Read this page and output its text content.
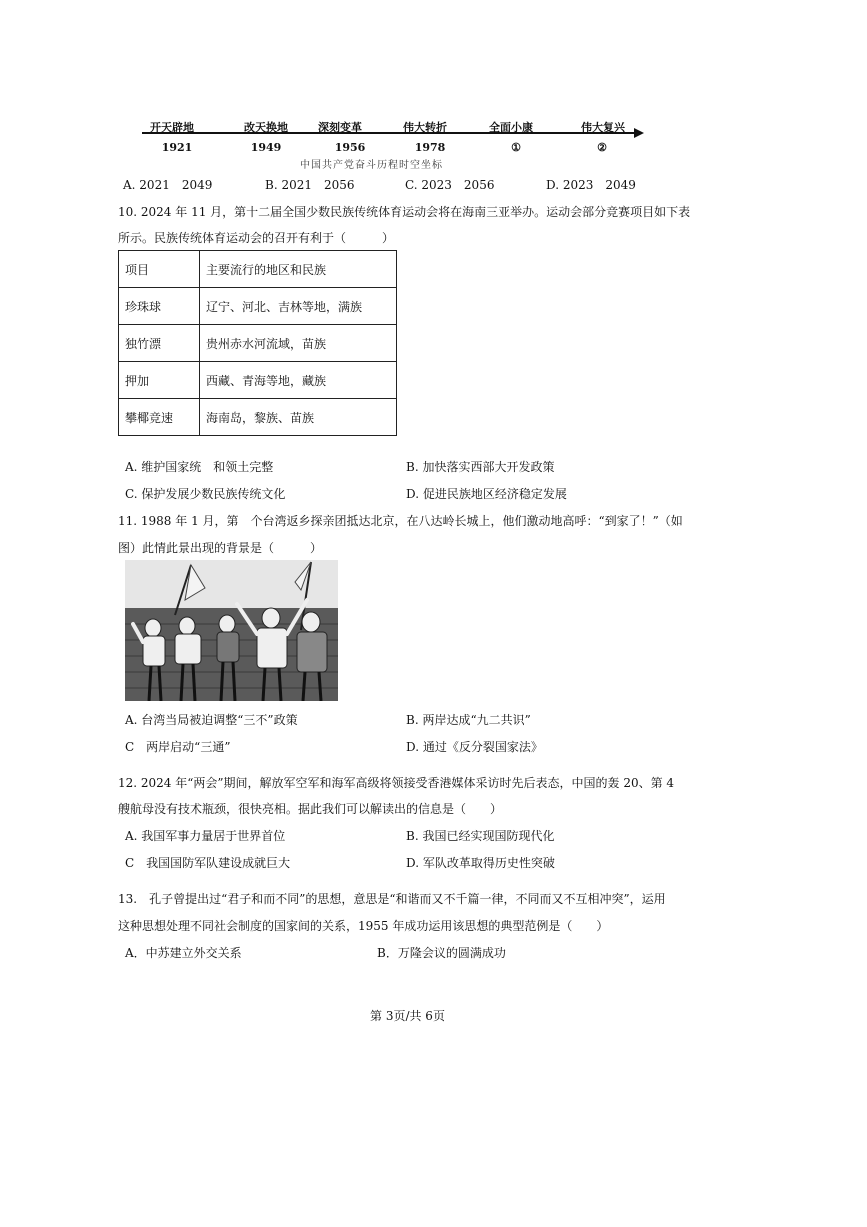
开天辟地	改天换地	深刻变革	伟大转折	全面小康	伟大复兴
1921	1949	1956	1978	①	②
中国共产党奋斗历程时空坐标
A. 2021　2049	B. 2021　2056	C. 2023　2056	D. 2023　2049
10. 2024 年 11 月，第十二届全国少数民族传统体育运动会将在海南三亚举办。运动会部分竞赛项目如下表
所示。民族传统体育运动会的召开有利于（　　　）
项目	主要流行的地区和民族
珍珠球	辽宁、河北、吉林等地，满族
独竹漂	贵州赤水河流域，苗族
押加	西藏、青海等地，藏族
攀椰竞速	海南岛，黎族、苗族
A. 维护国家统　和领土完整	B. 加快落实西部大开发政策
C. 保护发展少数民族传统文化	D. 促进民族地区经济稳定发展
11. 1988 年 1 月，第　个台湾返乡探亲团抵达北京，在八达岭长城上，他们激动地高呼：“到家了！”（如
图）此情此景出现的背景是（　　　）
A. 台湾当局被迫调整“三不”政策	B. 两岸达成“九二共识”
C　两岸启动“三通”	D. 通过《反分裂国家法》
12. 2024 年“两会”期间，解放军空军和海军高级将领接受香港媒体采访时先后表态，中国的轰 20、第 4
艘航母没有技术瓶颈，很快亮相。据此我们可以解读出的信息是（　　）
A. 我国军事力量居于世界首位	B. 我国已经实现国防现代化
C　我国国防军队建设成就巨大	D. 军队改革取得历史性突破
13.　孔子曾提出过“君子和而不同”的思想，意思是“和谐而又不千篇一律，不同而又不互相冲突”，运用
这种思想处理不同社会制度的国家间的关系，1955 年成功运用该思想的典型范例是（　　）
A．中苏建立外交关系	B．万隆会议的圆满成功
第 3页/共 6页
